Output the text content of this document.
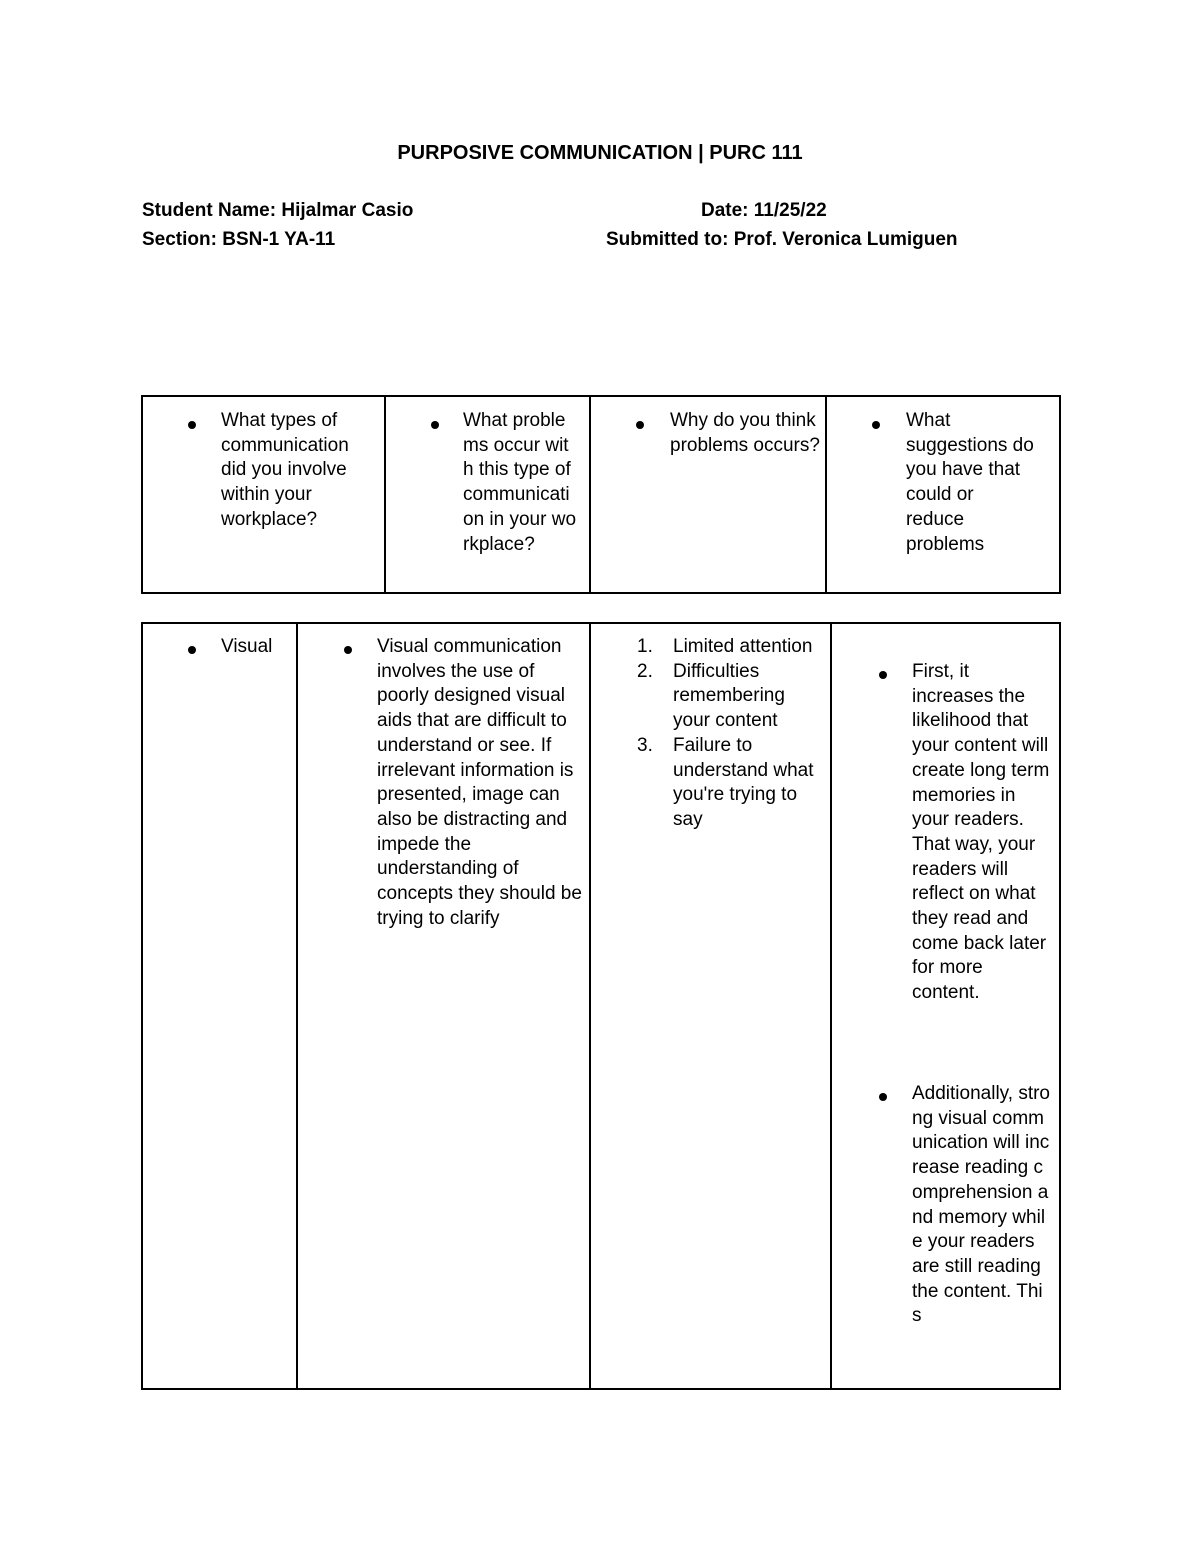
PURPOSIVE COMMUNICATION | PURC 111
Student Name: Hijalmar Casio
Section: BSN-1 YA-11
Date: 11/25/22
Submitted to: Prof. Veronica Lumiguen
What types of communication did you involve within your workplace?
What problems occur with this type of communication in your workplace?
Why do you think problems occurs?
What suggestions do you have that could or reduce problems
Visual	Visual communication involves the use of poorly designed visual aids that are difficult to understand or see. If irrelevant information is presented, image can also be distracting and impede the understanding of concepts they should be trying to clarify
1. Limited attention
2. Difficulties remembering your content
3. Failure to understand what you're trying to say
First, it increases the likelihood that your content will create long term memories in your readers. That way, your readers will reflect on what they read and come back later for more content.
Additionally, strong visual communication will increase reading comprehension and memory while your readers are still reading the content. This
